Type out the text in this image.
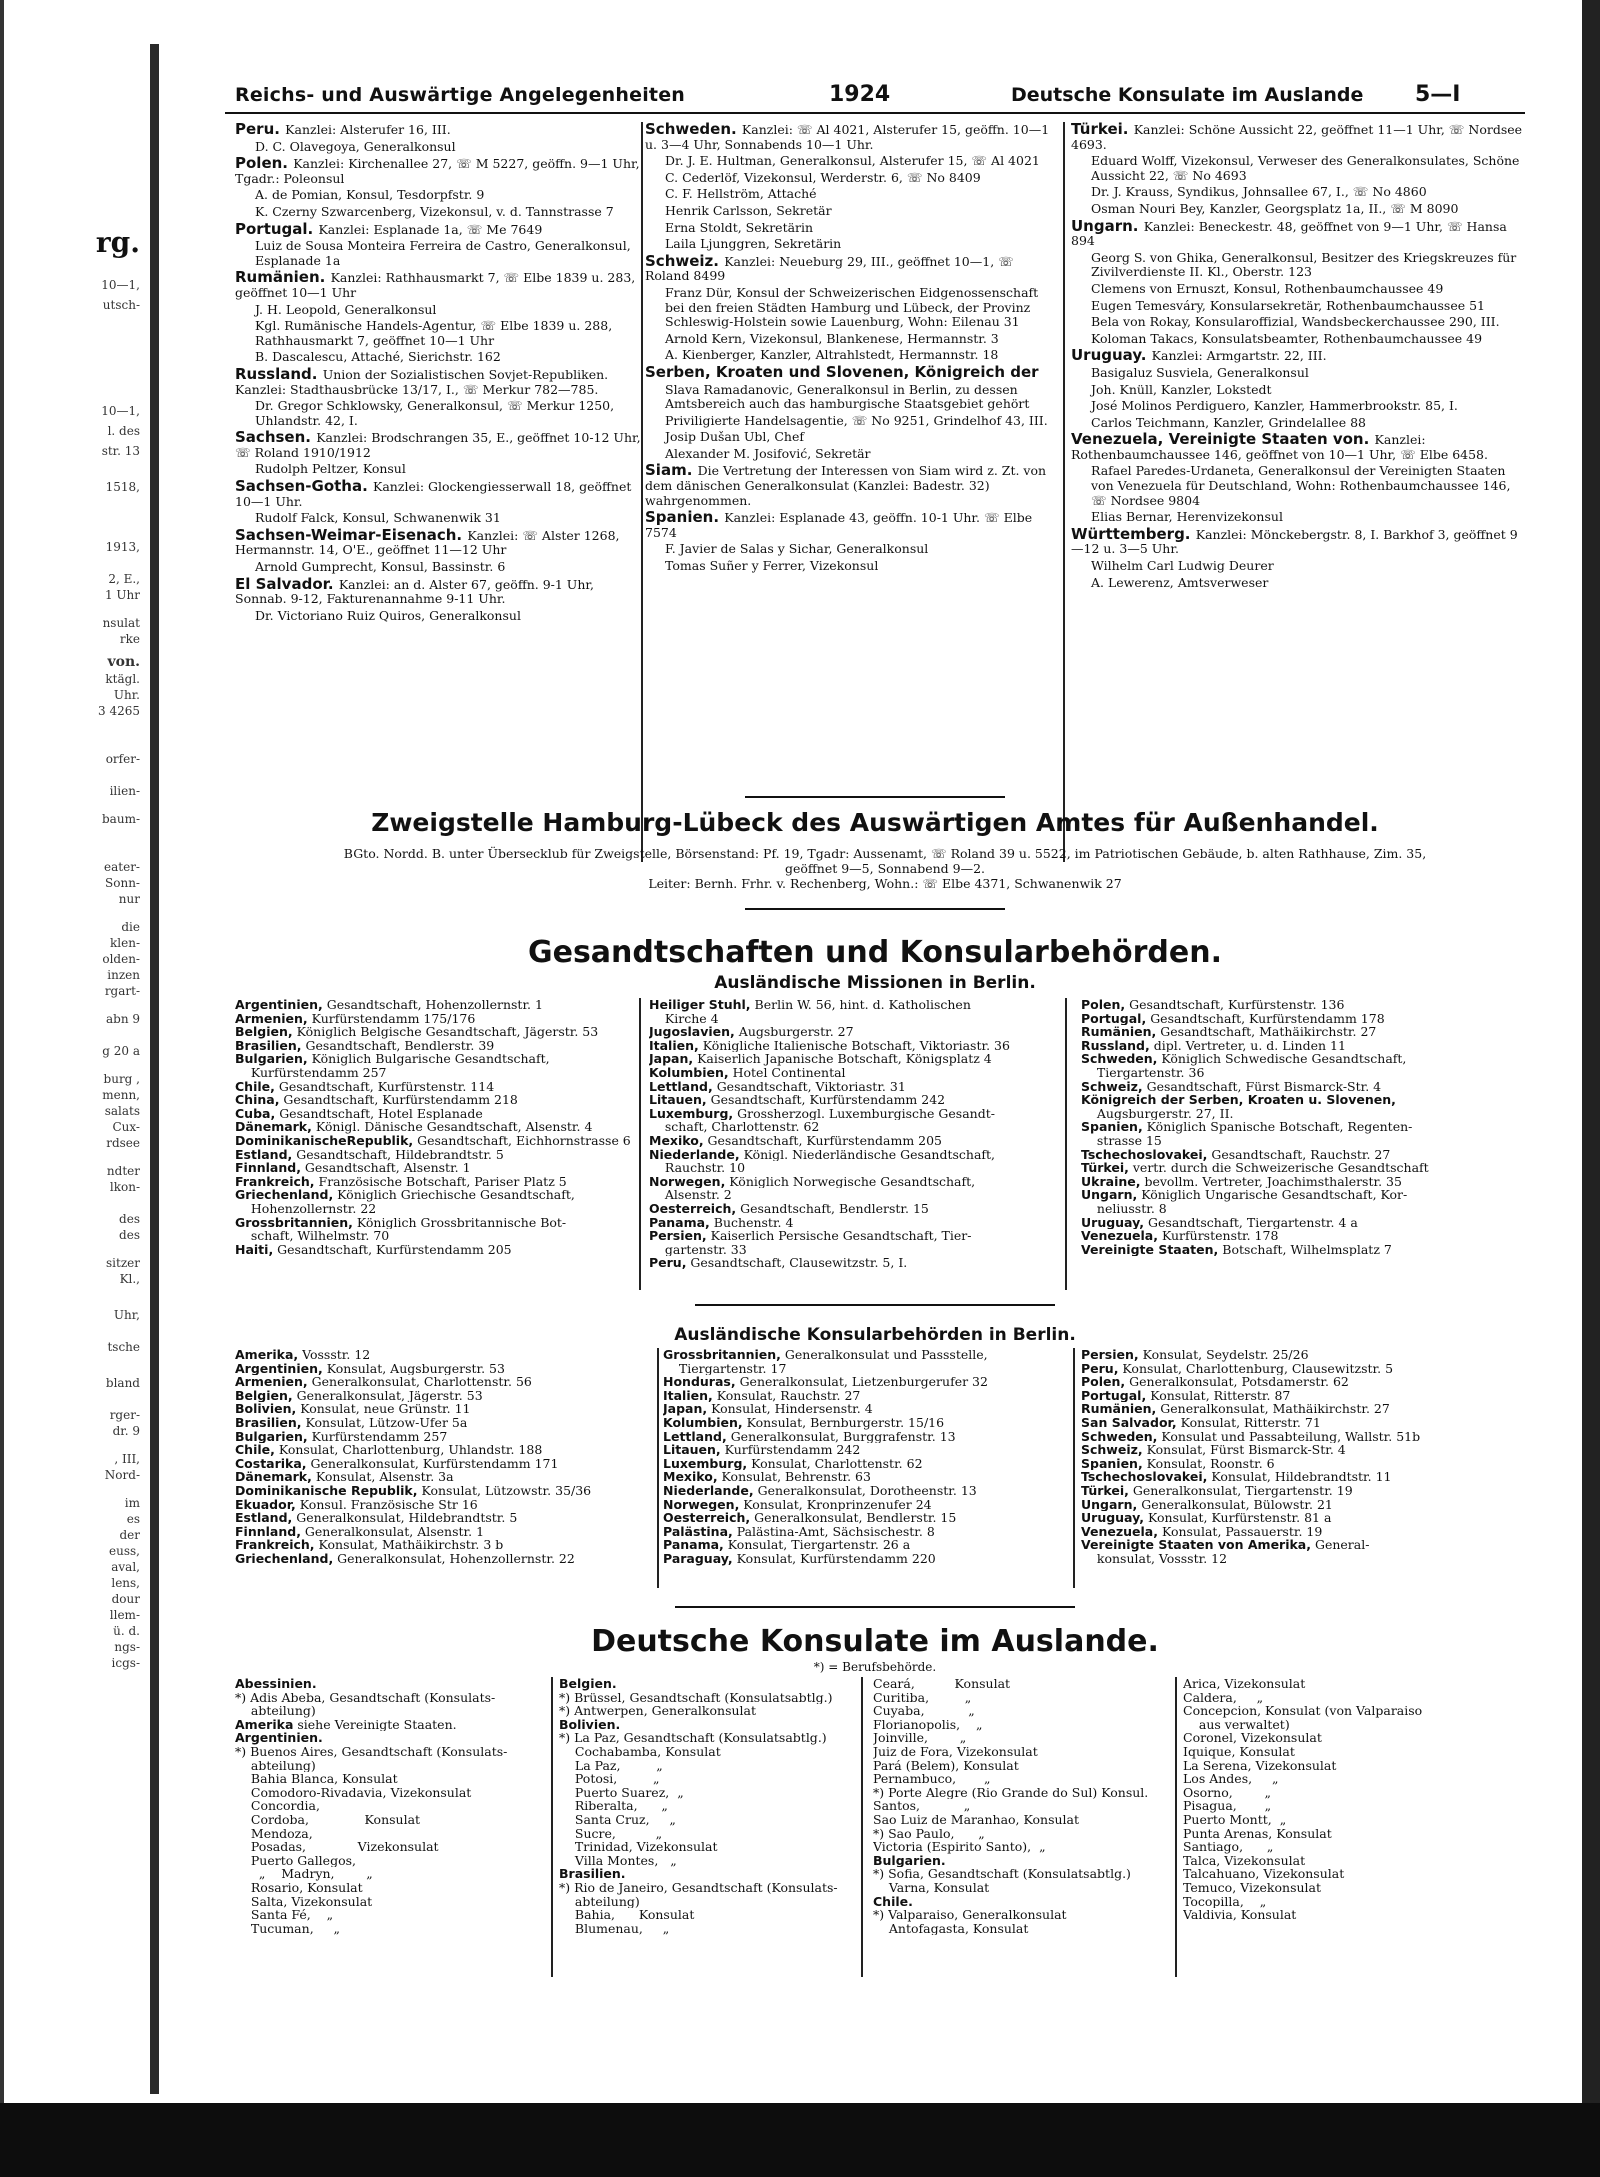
rg.
10—1,
utsch-
10—1,
l. des
str. 13
1518,
1913,
2, E.,
1 Uhr
nsulat
rke
von.
ktägl.
Uhr.
3 4265
orfer-
ilien-
baum-
eater-
Sonn-
nur
die
klen-
olden-
inzen
rgart-
abn 9
g 20 a
burg ,
menn,
salats
Cux-
rdsee
ndter
lkon-
des
des
sitzer
Kl.,
Uhr,
tsche
bland
rger-
dr. 9
, III,
Nord-
im
es
der
euss,
aval,
lens,
dour
llem-
ü. d.
ngs-
icgs-
Reichs- und Auswärtige Angelegenheiten	1924	Deutsche Konsulate im Auslande 5—I
Peru. Kanzlei: Alsterufer 16, III.
D. C. Olavegoya, Generalkonsul
Polen. Kanzlei: Kirchenallee 27, ☏ M 5227, geöffn. 9—1 Uhr, Tgadr.: Poleonsul
A. de Pomian, Konsul, Tesdorpfstr. 9
K. Czerny Szwarcenberg, Vizekonsul, v. d. Tannstrasse 7
Portugal. Kanzlei: Esplanade 1a, ☏ Me 7649
Luiz de Sousa Monteira Ferreira de Castro, Generalkonsul, Esplanade 1a
Rumänien. Kanzlei: Rathhausmarkt 7, ☏ Elbe 1839 u. 283, geöffnet 10—1 Uhr
J. H. Leopold, Generalkonsul
Kgl. Rumänische Handels-Agentur, ☏ Elbe 1839 u. 288, Rathhausmarkt 7, geöffnet 10—1 Uhr
B. Dascalescu, Attaché, Sierichstr. 162
Russland. Union der Sozialistischen Sovjet-Republiken. Kanzlei: Stadthausbrücke 13/17, I., ☏ Merkur 782—785.
Dr. Gregor Schklowsky, Generalkonsul, ☏ Merkur 1250, Uhlandstr. 42, I.
Sachsen. Kanzlei: Brodschrangen 35, E., geöffnet 10-12 Uhr, ☏ Roland 1910/1912
Rudolph Peltzer, Konsul
Sachsen-Gotha. Kanzlei: Glockengiesserwall 18, geöffnet 10—1 Uhr.
Rudolf Falck, Konsul, Schwanenwik 31
Sachsen-Weimar-Eisenach. Kanzlei: ☏ Alster 1268, Hermannstr. 14, O'E., geöffnet 11—12 Uhr
Arnold Gumprecht, Konsul, Bassinstr. 6
El Salvador. Kanzlei: an d. Alster 67, geöffn. 9-1 Uhr, Sonnab. 9-12, Fakturenannahme 9-11 Uhr.
Dr. Victoriano Ruiz Quiros, Generalkonsul
Schweden. Kanzlei: ☏ Al 4021, Alsterufer 15, geöffn. 10—1 u. 3—4 Uhr, Sonnabends 10—1 Uhr.
Dr. J. E. Hultman, Generalkonsul, Alsterufer 15, ☏ Al 4021
C. Cederlöf, Vizekonsul, Werderstr. 6, ☏ No 8409
C. F. Hellström, Attaché
Henrik Carlsson, Sekretär
Erna Stoldt, Sekretärin
Laila Ljunggren, Sekretärin
Schweiz. Kanzlei: Neueburg 29, III., geöffnet 10—1, ☏ Roland 8499
Franz Dür, Konsul der Schweizerischen Eidgenossenschaft bei den freien Städten Hamburg und Lübeck, der Provinz Schleswig-Holstein sowie Lauenburg, Wohn: Eilenau 31
Arnold Kern, Vizekonsul, Blankenese, Hermannstr. 3
A. Kienberger, Kanzler, Altrahlstedt, Hermannstr. 18
Serben, Kroaten und Slovenen, Königreich der
Slava Ramadanovic, Generalkonsul in Berlin, zu dessen Amtsbereich auch das hamburgische Staatsgebiet gehört
Priviligierte Handelsagentie, ☏ No 9251, Grindelhof 43, III.
Josip Dušan Ubl, Chef
Alexander M. Josifović, Sekretär
Siam. Die Vertretung der Interessen von Siam wird z. Zt. von dem dänischen Generalkonsulat (Kanzlei: Badestr. 32) wahrgenommen.
Spanien. Kanzlei: Esplanade 43, geöffn. 10-1 Uhr. ☏ Elbe 7574
F. Javier de Salas y Sichar, Generalkonsul
Tomas Suñer y Ferrer, Vizekonsul
Türkei. Kanzlei: Schöne Aussicht 22, geöffnet 11—1 Uhr, ☏ Nordsee 4693.
Eduard Wolff, Vizekonsul, Verweser des Generalkonsulates, Schöne Aussicht 22, ☏ No 4693
Dr. J. Krauss, Syndikus, Johnsallee 67, I., ☏ No 4860
Osman Nouri Bey, Kanzler, Georgsplatz 1a, II., ☏ M 8090
Ungarn. Kanzlei: Beneckestr. 48, geöffnet von 9—1 Uhr, ☏ Hansa 894
Georg S. von Ghika, Generalkonsul, Besitzer des Kriegskreuzes für Zivilverdienste II. Kl., Oberstr. 123
Clemens von Ernuszt, Konsul, Rothenbaumchaussee 49
Eugen Temesváry, Konsularsekretär, Rothenbaumchaussee 51
Bela von Rokay, Konsularoffizial, Wandsbeckerchaussee 290, III.
Koloman Takacs, Konsulatsbeamter, Rothenbaumchaussee 49
Uruguay. Kanzlei: Armgartstr. 22, III.
Basigaluz Susviela, Generalkonsul
Joh. Knüll, Kanzler, Lokstedt
José Molinos Perdiguero, Kanzler, Hammerbrookstr. 85, I.
Carlos Teichmann, Kanzler, Grindelallee 88
Venezuela, Vereinigte Staaten von. Kanzlei: Rothenbaumchaussee 146, geöffnet von 10—1 Uhr, ☏ Elbe 6458.
Rafael Paredes-Urdaneta, Generalkonsul der Vereinigten Staaten von Venezuela für Deutschland, Wohn: Rothenbaumchaussee 146, ☏ Nordsee 9804
Elias Bernar, Herenvizekonsul
Württemberg. Kanzlei: Mönckebergstr. 8, I. Barkhof 3, geöffnet 9—12 u. 3—5 Uhr.
Wilhelm Carl Ludwig Deurer
A. Lewerenz, Amtsverweser
Zweigstelle Hamburg-Lübeck des Auswärtigen Amtes für Außenhandel.
BGto. Nordd. B. unter Übersecklub für Zweigstelle, Börsenstand: Pf. 19, Tgadr: Aussenamt, ☏ Roland 39 u. 5522, im Patriotischen Gebäude, b. alten Rathhause, Zim. 35,
geöffnet 9—5, Sonnabend 9—2.
Leiter: Bernh. Frhr. v. Rechenberg, Wohn.: ☏ Elbe 4371, Schwanenwik 27
Gesandtschaften und Konsularbehörden.
Ausländische Missionen in Berlin.
Argentinien, Gesandtschaft, Hohenzollernstr. 1
Armenien, Kurfürstendamm 175/176
Belgien, Königlich Belgische Gesandtschaft, Jägerstr. 53
Brasilien, Gesandtschaft, Bendlerstr. 39
Bulgarien, Königlich Bulgarische Gesandtschaft,
Kurfürstendamm 257
Chile, Gesandtschaft, Kurfürstenstr. 114
China, Gesandtschaft, Kurfürstendamm 218
Cuba, Gesandtschaft, Hotel Esplanade
Dänemark, Königl. Dänische Gesandtschaft, Alsenstr. 4
DominikanischeRepublik, Gesandtschaft, Eichhornstrasse 6
Estland, Gesandtschaft, Hildebrandtstr. 5
Finnland, Gesandtschaft, Alsenstr. 1
Frankreich, Französische Botschaft, Pariser Platz 5
Griechenland, Königlich Griechische Gesandtschaft,
Hohenzollernstr. 22
Grossbritannien, Königlich Grossbritannische Bot-
schaft, Wilhelmstr. 70
Haiti, Gesandtschaft, Kurfürstendamm 205
Heiliger Stuhl, Berlin W. 56, hint. d. Katholischen
Kirche 4
Jugoslavien, Augsburgerstr. 27
Italien, Königliche Italienische Botschaft, Viktoriastr. 36
Japan, Kaiserlich Japanische Botschaft, Königsplatz 4
Kolumbien, Hotel Continental
Lettland, Gesandtschaft, Viktoriastr. 31
Litauen, Gesandtschaft, Kurfürstendamm 242
Luxemburg, Grossherzogl. Luxemburgische Gesandt-
schaft, Charlottenstr. 62
Mexiko, Gesandtschaft, Kurfürstendamm 205
Niederlande, Königl. Niederländische Gesandtschaft,
Rauchstr. 10
Norwegen, Königlich Norwegische Gesandtschaft,
Alsenstr. 2
Oesterreich, Gesandtschaft, Bendlerstr. 15
Panama, Buchenstr. 4
Persien, Kaiserlich Persische Gesandtschaft, Tier-
gartenstr. 33
Peru, Gesandtschaft, Clausewitzstr. 5, I.
Polen, Gesandtschaft, Kurfürstenstr. 136
Portugal, Gesandtschaft, Kurfürstendamm 178
Rumänien, Gesandtschaft, Mathäikirchstr. 27
Russland, dipl. Vertreter, u. d. Linden 11
Schweden, Königlich Schwedische Gesandtschaft,
Tiergartenstr. 36
Schweiz, Gesandtschaft, Fürst Bismarck-Str. 4
Königreich der Serben, Kroaten u. Slovenen,
Augsburgerstr. 27, II.
Spanien, Königlich Spanische Botschaft, Regenten-
strasse 15
Tschechoslovakei, Gesandtschaft, Rauchstr. 27
Türkei, vertr. durch die Schweizerische Gesandtschaft
Ukraine, bevollm. Vertreter, Joachimsthalerstr. 35
Ungarn, Königlich Ungarische Gesandtschaft, Kor-
neliusstr. 8
Uruguay, Gesandtschaft, Tiergartenstr. 4 a
Venezuela, Kurfürstenstr. 178
Vereinigte Staaten, Botschaft, Wilhelmsplatz 7
Ausländische Konsularbehörden in Berlin.
Amerika, Vossstr. 12
Argentinien, Konsulat, Augsburgerstr. 53
Armenien, Generalkonsulat, Charlottenstr. 56
Belgien, Generalkonsulat, Jägerstr. 53
Bolivien, Konsulat, neue Grünstr. 11
Brasilien, Konsulat, Lützow-Ufer 5a
Bulgarien, Kurfürstendamm 257
Chile, Konsulat, Charlottenburg, Uhlandstr. 188
Costarika, Generalkonsulat, Kurfürstendamm 171
Dänemark, Konsulat, Alsenstr. 3a
Dominikanische Republik, Konsulat, Lützowstr. 35/36
Ekuador, Konsul. Französische Str 16
Estland, Generalkonsulat, Hildebrandtstr. 5
Finnland, Generalkonsulat, Alsenstr. 1
Frankreich, Konsulat, Mathäikirchstr. 3 b
Griechenland, Generalkonsulat, Hohenzollernstr. 22
Grossbritannien, Generalkonsulat und Passstelle,
Tiergartenstr. 17
Honduras, Generalkonsulat, Lietzenburgerufer 32
Italien, Konsulat, Rauchstr. 27
Japan, Konsulat, Hindersenstr. 4
Kolumbien, Konsulat, Bernburgerstr. 15/16
Lettland, Generalkonsulat, Burggrafenstr. 13
Litauen, Kurfürstendamm 242
Luxemburg, Konsulat, Charlottenstr. 62
Mexiko, Konsulat, Behrenstr. 63
Niederlande, Generalkonsulat, Dorotheenstr. 13
Norwegen, Konsulat, Kronprinzenufer 24
Oesterreich, Generalkonsulat, Bendlerstr. 15
Palästina, Palästina-Amt, Sächsischestr. 8
Panama, Konsulat, Tiergartenstr. 26 a
Paraguay, Konsulat, Kurfürstendamm 220
Persien, Konsulat, Seydelstr. 25/26
Peru, Konsulat, Charlottenburg, Clausewitzstr. 5
Polen, Generalkonsulat, Potsdamerstr. 62
Portugal, Konsulat, Ritterstr. 87
Rumänien, Generalkonsulat, Mathäikirchstr. 27
San Salvador, Konsulat, Ritterstr. 71
Schweden, Konsulat und Passabteilung, Wallstr. 51b
Schweiz, Konsulat, Fürst Bismarck-Str. 4
Spanien, Konsulat, Roonstr. 6
Tschechoslovakei, Konsulat, Hildebrandtstr. 11
Türkei, Generalkonsulat, Tiergartenstr. 19
Ungarn, Generalkonsulat, Bülowstr. 21
Uruguay, Konsulat, Kurfürstenstr. 81 a
Venezuela, Konsulat, Passauerstr. 19
Vereinigte Staaten von Amerika, General-
konsulat, Vossstr. 12
Deutsche Konsulate im Auslande.
*) = Berufsbehörde.
Abessinien.
*) Adis Abeba, Gesandtschaft (Konsulats-
abteilung)
Amerika siehe Vereinigte Staaten.
Argentinien.
*) Buenos Aires, Gesandtschaft (Konsulats-
abteilung)
Bahia Blanca, Konsulat
Comodoro-Rivadavia, Vizekonsulat
Concordia,
Cordoba,              Konsulat
Mendoza,
Posadas,             Vizekonsulat
Puerto Gallegos,
„    Madryn,        „
Rosario, Konsulat
Salta, Vizekonsulat
Santa Fé,    „
Tucuman,     „
Belgien.
*) Brüssel, Gesandtschaft (Konsulatsabtlg.)
*) Antwerpen, Generalkonsulat
Bolivien.
*) La Paz, Gesandtschaft (Konsulatsabtlg.)
Cochabamba, Konsulat
La Paz,         „
Potosi,         „
Puerto Suarez,  „
Riberalta,      „
Santa Cruz,     „
Sucre,          „
Trinidad, Vizekonsulat
Villa Montes,   „
Brasilien.
*) Rio de Janeiro, Gesandtschaft (Konsulats-
abteilung)
Bahia,      Konsulat
Blumenau,     „
Ceará,          Konsulat
Curitiba,         „
Cuyaba,           „
Florianopolis,    „
Joinville,        „
Juiz de Fora, Vizekonsulat
Pará (Belem), Konsulat
Pernambuco,       „
*) Porte Alegre (Rio Grande do Sul) Konsul.
Santos,           „
Sao Luiz de Maranhao, Konsulat
*) Sao Paulo,      „
Victoria (Espirito Santo),  „
Bulgarien.
*) Sofia, Gesandtschaft (Konsulatsabtlg.)
Varna, Konsulat
Chile.
*) Valparaiso, Generalkonsulat
Antofagasta, Konsulat
Arica, Vizekonsulat
Caldera,     „
Concepcion, Konsulat (von Valparaiso
aus verwaltet)
Coronel, Vizekonsulat
Iquique, Konsulat
La Serena, Vizekonsulat
Los Andes,     „
Osorno,        „
Pisagua,       „
Puerto Montt,  „
Punta Arenas, Konsulat
Santiago,      „
Talca, Vizekonsulat
Talcahuano, Vizekonsulat
Temuco, Vizekonsulat
Tocopilla,    „
Valdivia, Konsulat
